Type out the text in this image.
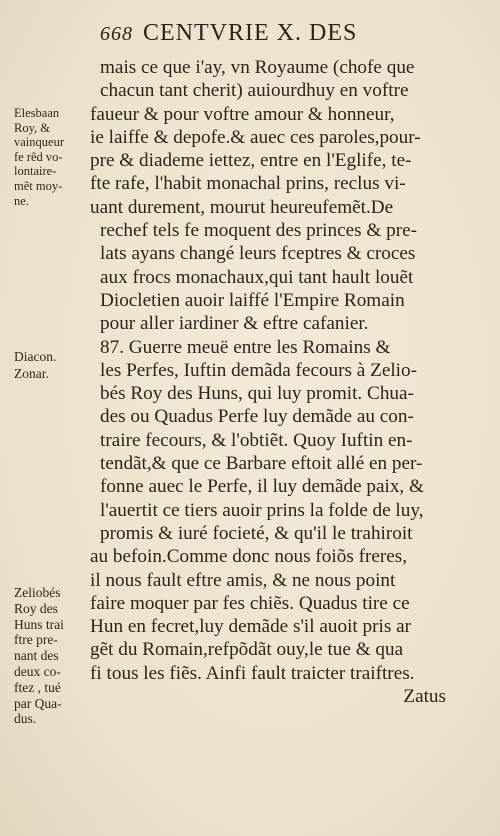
668 CENTVRIE X. DES
Elesbaan
Roy, &
vainqueur
fe rẽd vo-
lontaire-
mẽt moy-
ne.
Diacon.
Zonar.
Zeliobés
Roy des
Huns trai
ftre pre-
nant des
deux co-
ftez , tué
par Qua-
dus.
mais ce que i'ay, vn Royaume (chofe que
chacun tant cherit) auiourdhuy en voftre
faueur & pour voftre amour & honneur,
ie laiffe & depofe.& auec ces paroles,pour-
pre & diademe iettez, entre en l'Eglife, te-
fte rafe, l'habit monachal prins, reclus vi-
uant durement, mourut heureufemẽt.De
rechef tels fe moquent des princes & pre-
lats ayans changé leurs fceptres & croces
aux frocs monachaux,qui tant hault louẽt
Diocletien auoir laiffé l'Empire Romain
pour aller iardiner & eftre cafanier.
87. Guerre meuë entre les Romains &
les Perfes, Iuftin demãda fecours à Zelio-
bés Roy des Huns, qui luy promit. Chua-
des ou Quadus Perfe luy demãde au con-
traire fecours, & l'obtiẽt. Quoy Iuftin en-
tendãt,& que ce Barbare eftoit allé en per-
fonne auec le Perfe, il luy demãde paix, &
l'auertit ce tiers auoir prins la folde de luy,
promis & iuré focieté, & qu'il le trahiroit
au befoin.Comme donc nous foiõs freres,
il nous fault eftre amis, & ne nous point
faire moquer par fes chiẽs. Quadus tire ce
Hun en fecret,luy demãde s'il auoit pris ar
gẽt du Romain,refpõdãt ouy,le tue & qua
fi tous les fiẽs. Ainfi fault traicter traiftres.
Zatus
